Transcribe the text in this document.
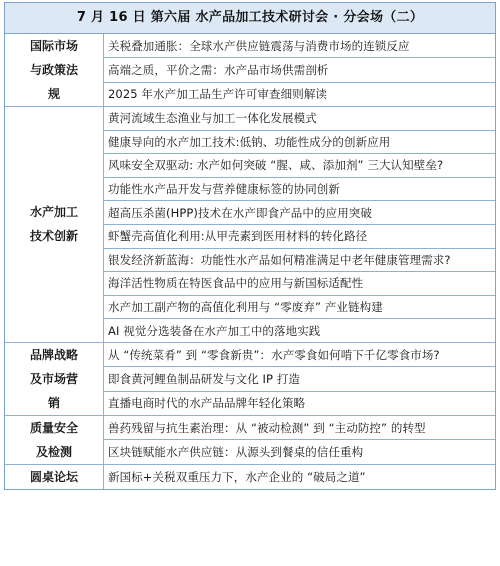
7 月 16 日 第六届 水产品加工技术研讨会 · 分会场（二）
国际市场与政策法规	关税叠加通胀：全球水产供应链震荡与消费市场的连锁反应
	高端之质，平价之需：水产品市场供需剖析
	2025 年水产加工品生产许可审查细则解读

水产加工技术创新	黄河流域生态渔业与加工一体化发展模式
	健康导向的水产加工技术:低钠、功能性成分的创新应用
	风味安全双驱动: 水产如何突破 “腥、咸、添加剂” 三大认知壁垒?
	功能性水产品开发与营养健康标签的协同创新
	超高压杀菌(HPP)技术在水产即食产品中的应用突破
	虾蟹壳高值化利用:从甲壳素到医用材料的转化路径
	银发经济新蓝海：功能性水产品如何精准满足中老年健康管理需求?
	海洋活性物质在特医食品中的应用与新国标适配性
	水产加工副产物的高值化利用与 “零废弃” 产业链构建
	AI 视觉分选装备在水产加工中的落地实践

品牌战略及市场营销	从 “传统菜肴” 到 “零食新贵”：水产零食如何啃下千亿零食市场?
	即食黄河鲤鱼制品研发与文化 IP 打造
	直播电商时代的水产品品牌年轻化策略

质量安全及检测	兽药残留与抗生素治理：从 “被动检测” 到 “主动防控” 的转型
	区块链赋能水产供应链：从源头到餐桌的信任重构

圆桌论坛	新国标+关税双重压力下，水产企业的 “破局之道”
